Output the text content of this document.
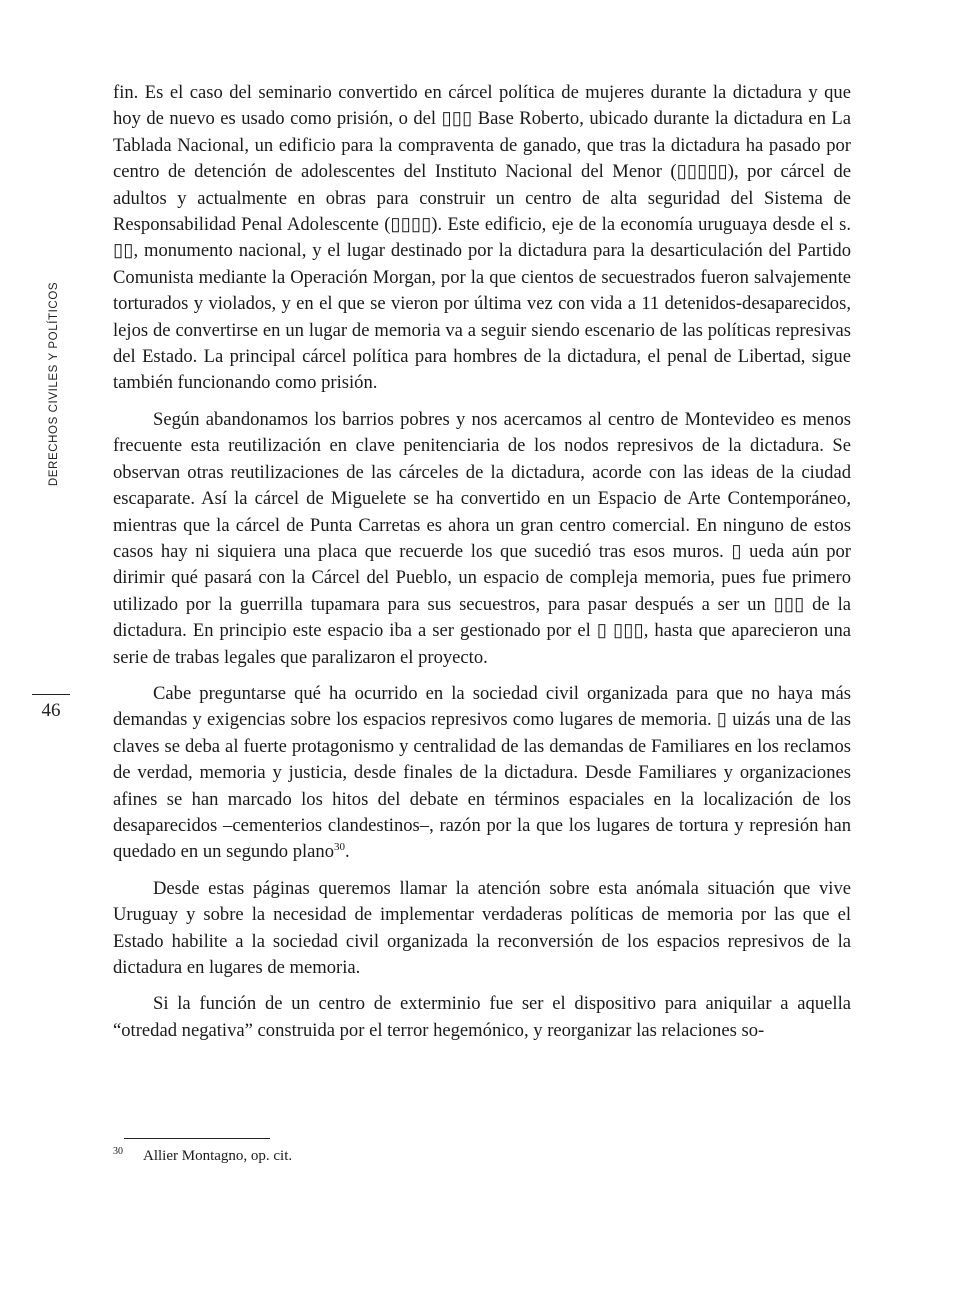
DERECHOS CIVILES Y POLÍTICOS
46

fin. Es el caso del seminario convertido en cárcel política de mujeres durante la dictadura y que hoy de nuevo es usado como prisión, o del ▯▯▯ Base Roberto, ubicado durante la dictadura en La Tablada Nacional, un edificio para la compraventa de ganado, que tras la dictadura ha pasado por centro de detención de adolescentes del Instituto Nacional del Menor (▯▯▯▯▯), por cárcel de adultos y actualmente en obras para construir un centro de alta seguridad del Sistema de Responsabilidad Penal Adolescente (▯▯▯▯). Este edificio, eje de la economía uruguaya desde el s. ▯▯, monumento nacional, y el lugar destinado por la dictadura para la desarticulación del Partido Comunista mediante la Operación Morgan, por la que cientos de secuestrados fueron salvajemente torturados y violados, y en el que se vieron por última vez con vida a 11 detenidos-desaparecidos, lejos de convertirse en un lugar de memoria va a seguir siendo escenario de las políticas represivas del Estado. La principal cárcel política para hombres de la dictadura, el penal de Libertad, sigue también funcionando como prisión.

Según abandonamos los barrios pobres y nos acercamos al centro de Montevideo es menos frecuente esta reutilización en clave penitenciaria de los nodos represivos de la dictadura. Se observan otras reutilizaciones de las cárceles de la dictadura, acorde con las ideas de la ciudad escaparate. Así la cárcel de Miguelete se ha convertido en un Espacio de Arte Contemporáneo, mientras que la cárcel de Punta Carretas es ahora un gran centro comercial. En ninguno de estos casos hay ni siquiera una placa que recuerde los que sucedió tras esos muros. ▯ ueda aún por dirimir qué pasará con la Cárcel del Pueblo, un espacio de compleja memoria, pues fue primero utilizado por la guerrilla tupamara para sus secuestros, para pasar después a ser un ▯▯▯ de la dictadura. En principio este espacio iba a ser gestionado por el ▯ ▯▯▯, hasta que aparecieron una serie de trabas legales que paralizaron el proyecto.

Cabe preguntarse qué ha ocurrido en la sociedad civil organizada para que no haya más demandas y exigencias sobre los espacios represivos como lugares de memoria. ▯ uizás una de las claves se deba al fuerte protagonismo y centralidad de las demandas de Familiares en los reclamos de verdad, memoria y justicia, desde finales de la dictadura. Desde Familiares y organizaciones afines se han marcado los hitos del debate en términos espaciales en la localización de los desaparecidos –cementerios clandestinos–, razón por la que los lugares de tortura y represión han quedado en un segundo plano$^{30}$.

Desde estas páginas queremos llamar la atención sobre esta anómala situación que vive Uruguay y sobre la necesidad de implementar verdaderas políticas de memoria por las que el Estado habilite a la sociedad civil organizada la reconversión de los espacios represivos de la dictadura en lugares de memoria.

Si la función de un centro de exterminio fue ser el dispositivo para aniquilar a aquella “otredad negativa” construida por el terror hegemónico, y reorganizar las relaciones so-

30 Allier Montagno, op. cit.
